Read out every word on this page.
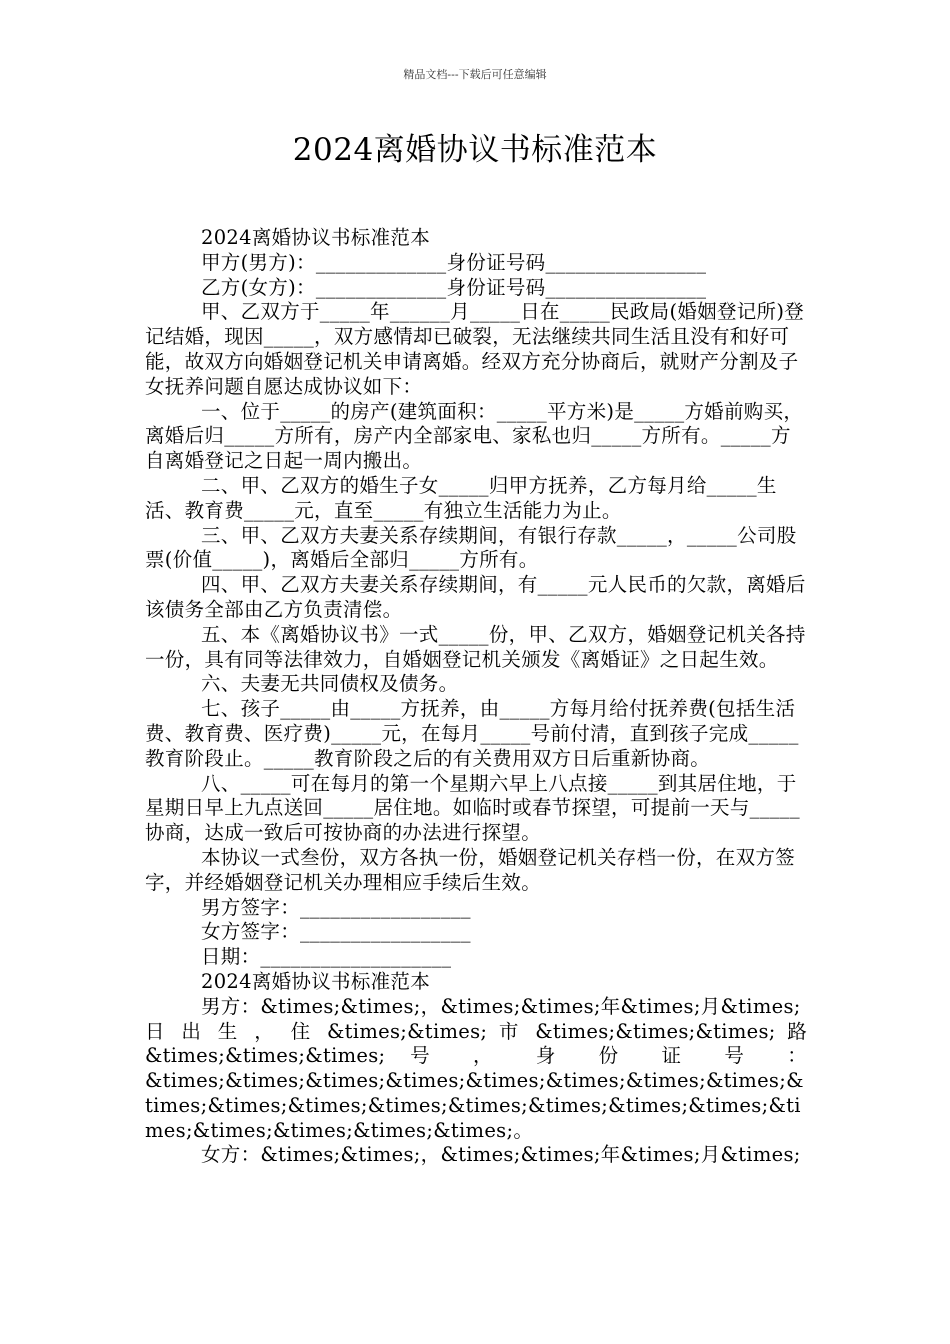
精品文档---下载后可任意编辑
2024离婚协议书标准范本

2024离婚协议书标准范本

甲方(男方)：_____________身份证号码________________

乙方(女方)：_____________身份证号码________________

甲、乙双方于_____年______月_____日在_____民政局(婚姻登记所)登记结婚，现因_____，双方感情却已破裂，无法继续共同生活且没有和好可能，故双方向婚姻登记机关申请离婚。经双方充分协商后，就财产分割及子女抚养问题自愿达成协议如下：

一、位于_____的房产(建筑面积：_____平方米)是_____方婚前购买，离婚后归_____方所有，房产内全部家电、家私也归_____方所有。_____方自离婚登记之日起一周内搬出。

二、甲、乙双方的婚生子女_____归甲方抚养，乙方每月给_____生活、教育费_____元，直至_____有独立生活能力为止。

三、甲、乙双方夫妻关系存续期间，有银行存款_____，_____公司股票(价值_____)，离婚后全部归_____方所有。

四、甲、乙双方夫妻关系存续期间，有_____元人民币的欠款，离婚后该债务全部由乙方负责清偿。

五、本《离婚协议书》一式_____份，甲、乙双方，婚姻登记机关各持一份，具有同等法律效力，自婚姻登记机关颁发《离婚证》之日起生效。

六、夫妻无共同债权及债务。

七、孩子_____由_____方抚养，由_____方每月给付抚养费(包括生活费、教育费、医疗费)_____元，在每月_____号前付清，直到孩子完成_____教育阶段止。_____教育阶段之后的有关费用双方日后重新协商。

八、_____可在每月的第一个星期六早上八点接_____到其居住地，于星期日早上九点送回_____居住地。如临时或春节探望，可提前一天与_____协商，达成一致后可按协商的办法进行探望。

本协议一式叁份，双方各执一份，婚姻登记机关存档一份，在双方签字，并经婚姻登记机关办理相应手续后生效。

男方签字：_________________

女方签字：_________________

日期：___________________

2024离婚协议书标准范本

男方：&times;&times;，&times;&times;年&times;月&times;

日 出 生 ， 住 &times;&times; 市 &times;&times;&times; 路

&times;&times;&times; 号 ， 身 份 证 号 ：

&times;&times;&times;&times;&times;&times;&times;&times;&times;&times;&times;&times;&times;&times;&times;&times;&times;&times;&times;&times;&times;。

女方：&times;&times;，&times;&times;年&times;月&times;
